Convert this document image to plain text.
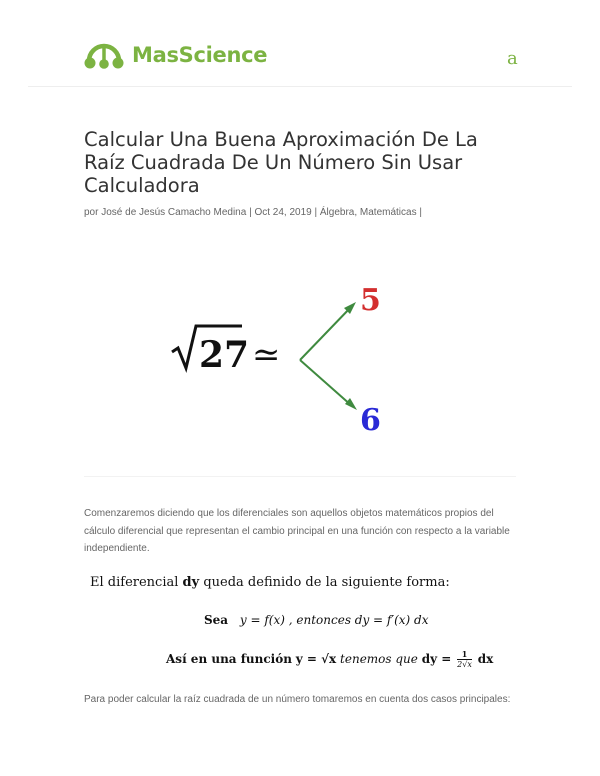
MasScience	a
Calcular Una Buena Aproximación De La Raíz Cuadrada De Un Número Sin Usar Calculadora
por José de Jesús Camacho Medina | Oct 24, 2019 | Álgebra, Matemáticas |
27 ≃
5
6

Comenzaremos diciendo que los diferenciales son aquellos objetos matemáticos propios del cálculo diferencial que representan el cambio principal en una función con respecto a la variable independiente.

El diferencial dy queda definido de la siguiente forma:

Sea y = f(x) , entonces dy = f′(x) dx

Así en una función y = √x tenemos que dy = $\frac{1}{2√x}$ dx

Para poder calcular la raíz cuadrada de un número tomaremos en cuenta dos casos principales:
